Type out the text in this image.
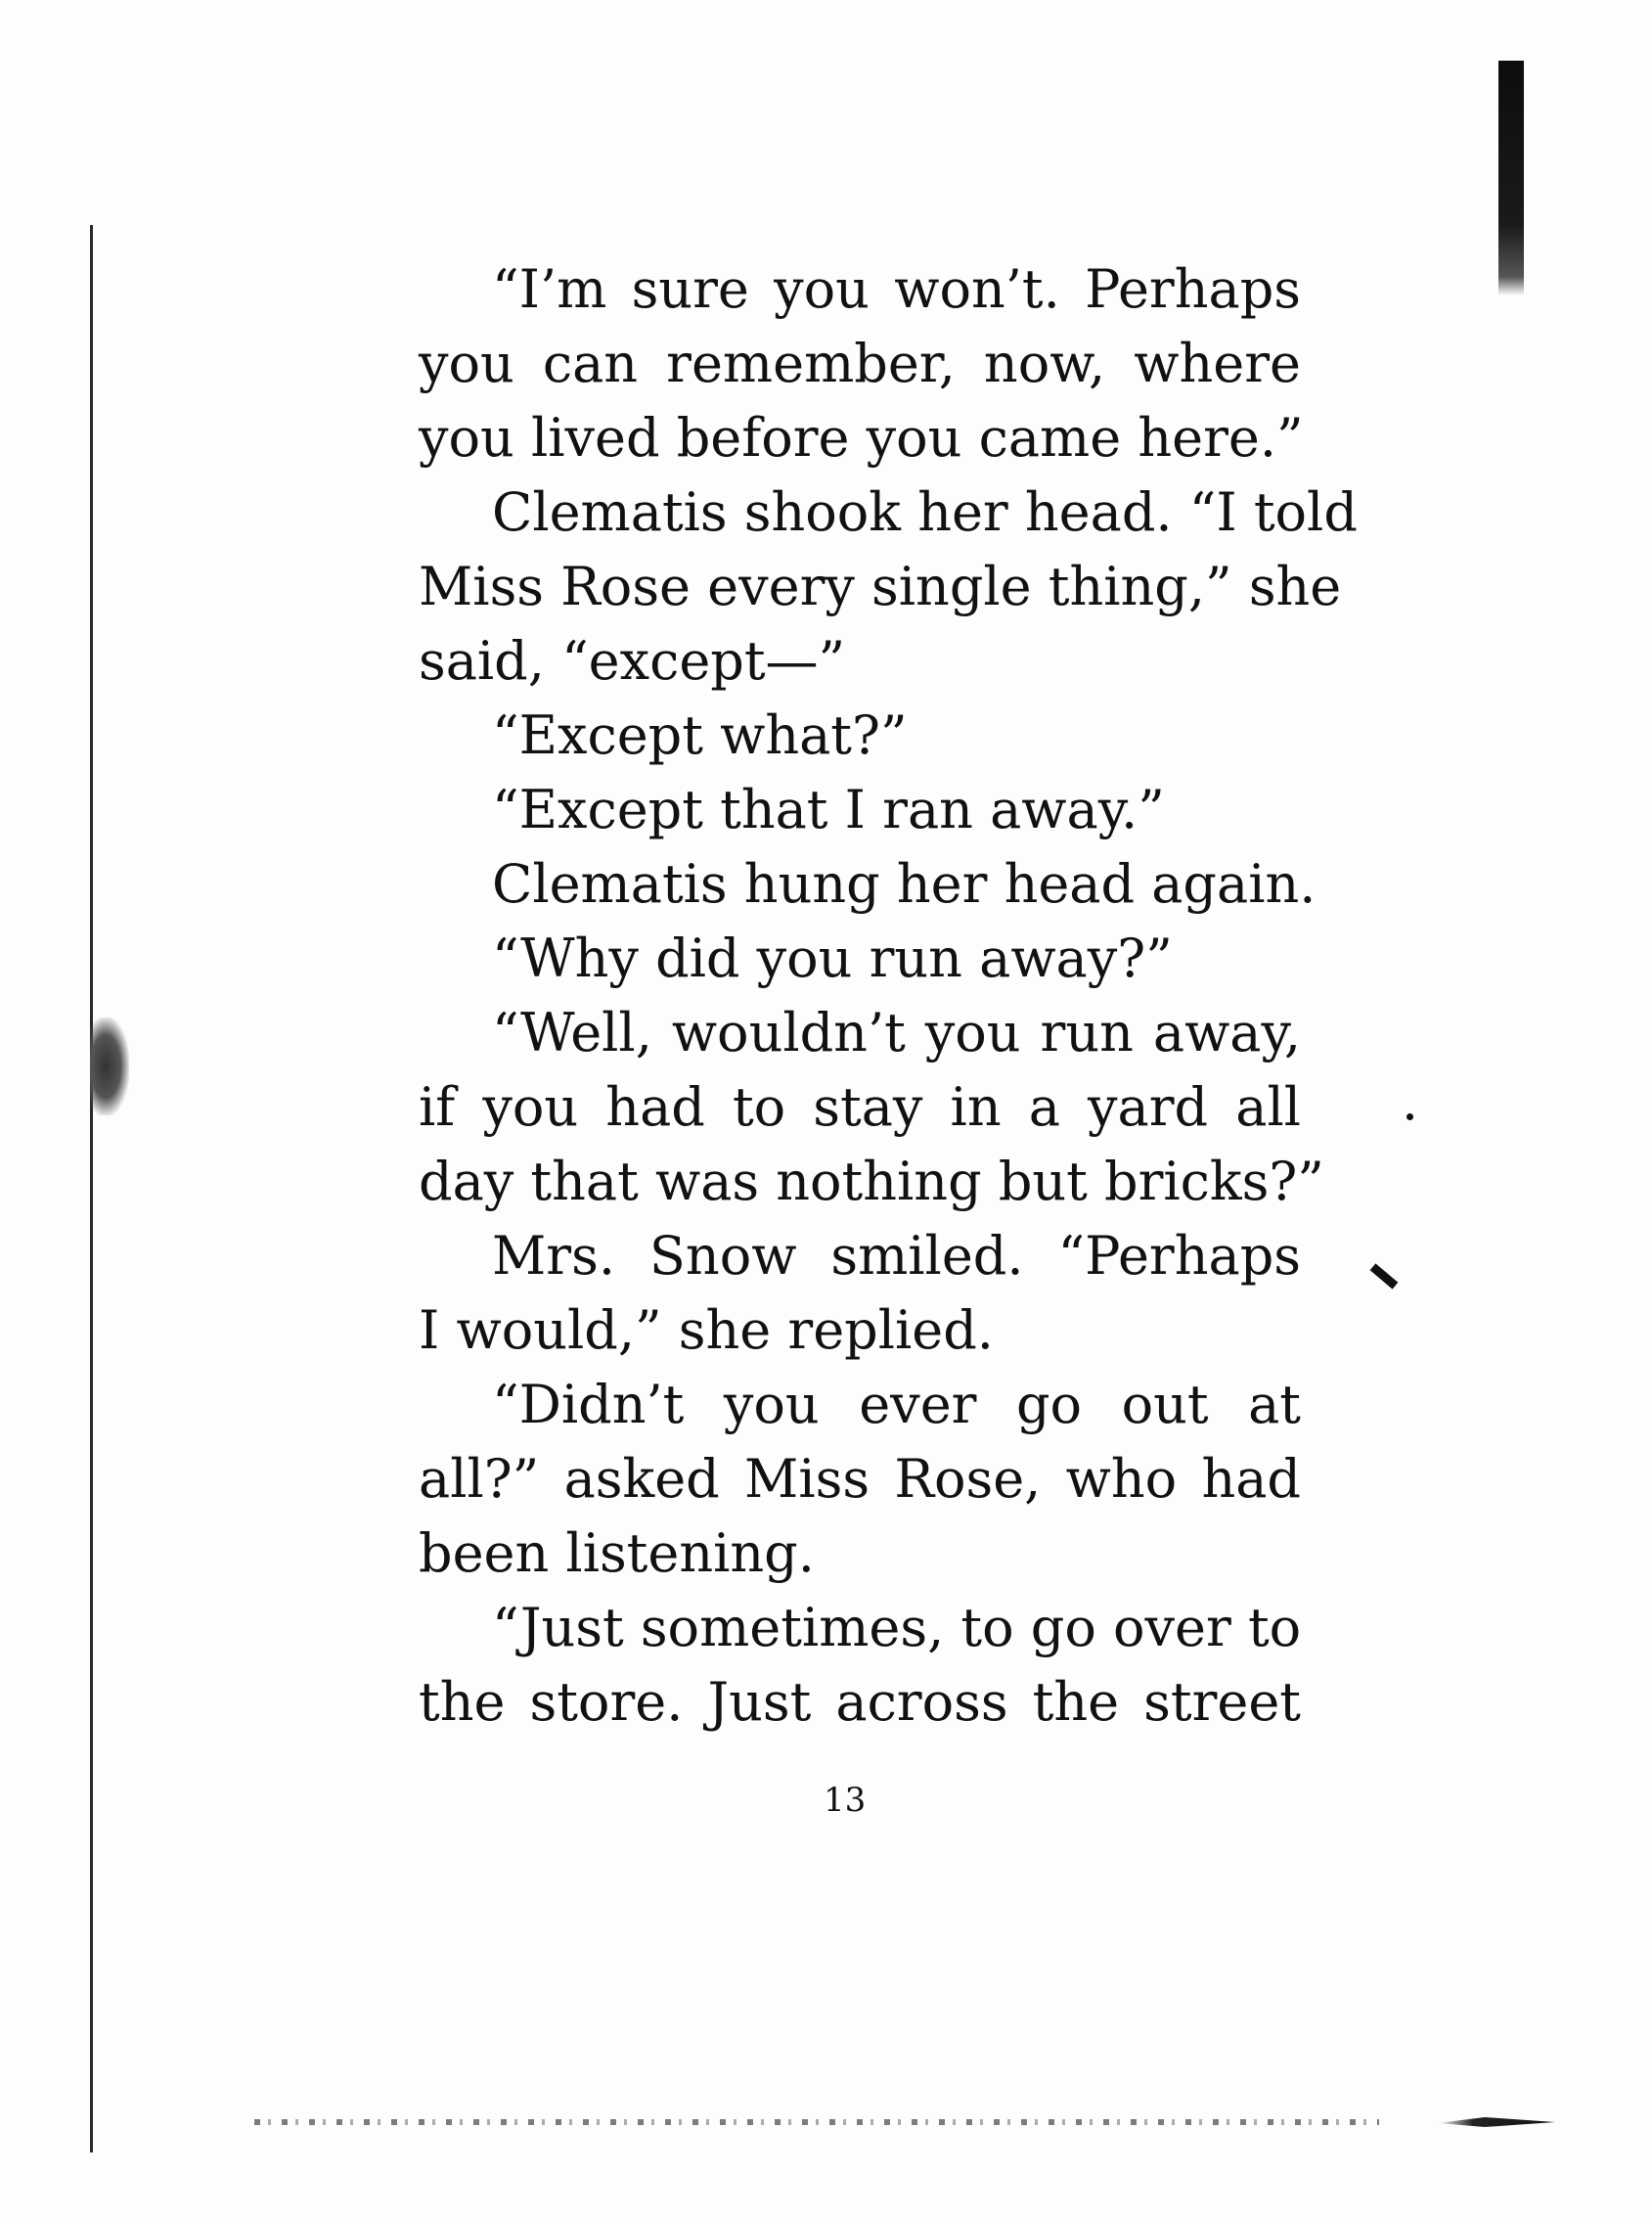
“I’m sure you won’t. Perhaps
you can remember, now, where
you lived before you came here.”
Clematis shook her head. “I told
Miss Rose every single thing,” she
said, “except—”
“Except what?”
“Except that I ran away.”
Clematis hung her head again.
“Why did you run away?”
“Well, wouldn’t you run away,
if you had to stay in a yard all
day that was nothing but bricks?”
Mrs. Snow smiled. “Perhaps
I would,” she replied.
“Didn’t you ever go out at
all?” asked Miss Rose, who had
been listening.
“Just sometimes, to go over to
the store. Just across the street
13
